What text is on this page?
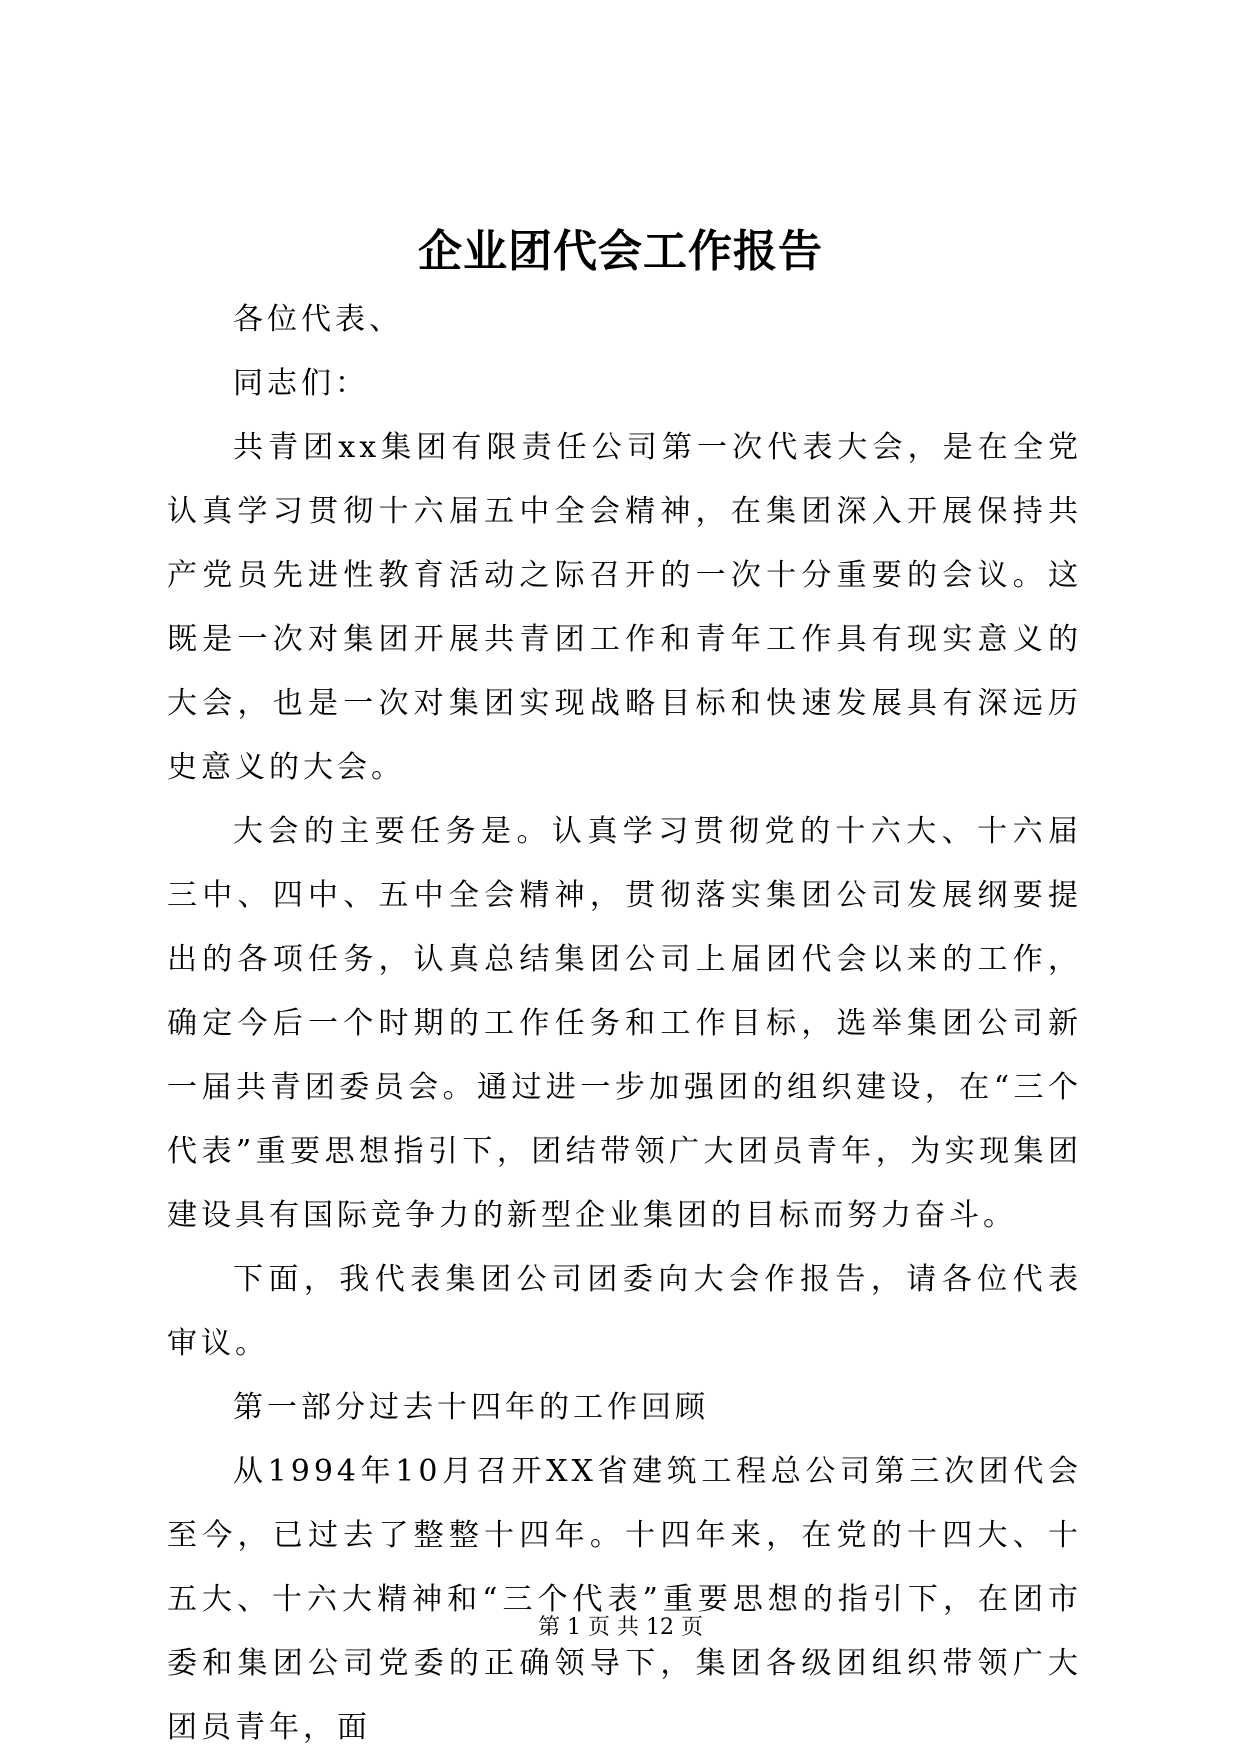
企业团代会工作报告

各位代表、

同志们：

共青团xx集团有限责任公司第一次代表大会，是在全党认真学习贯彻十六届五中全会精神，在集团深入开展保持共产党员先进性教育活动之际召开的一次十分重要的会议。这既是一次对集团开展共青团工作和青年工作具有现实意义的大会，也是一次对集团实现战略目标和快速发展具有深远历史意义的大会。

大会的主要任务是。认真学习贯彻党的十六大、十六届三中、四中、五中全会精神，贯彻落实集团公司发展纲要提出的各项任务，认真总结集团公司上届团代会以来的工作，确定今后一个时期的工作任务和工作目标，选举集团公司新一届共青团委员会。通过进一步加强团的组织建设，在“三个代表”重要思想指引下，团结带领广大团员青年，为实现集团建设具有国际竞争力的新型企业集团的目标而努力奋斗。

下面，我代表集团公司团委向大会作报告，请各位代表审议。

第一部分过去十四年的工作回顾

从1994年10月召开XX省建筑工程总公司第三次团代会至今，已过去了整整十四年。十四年来，在党的十四大、十五大、十六大精神和“三个代表”重要思想的指引下，在团市委和集团公司党委的正确领导下，集团各级团组织带领广大团员青年，面

第 1 页 共 12 页
